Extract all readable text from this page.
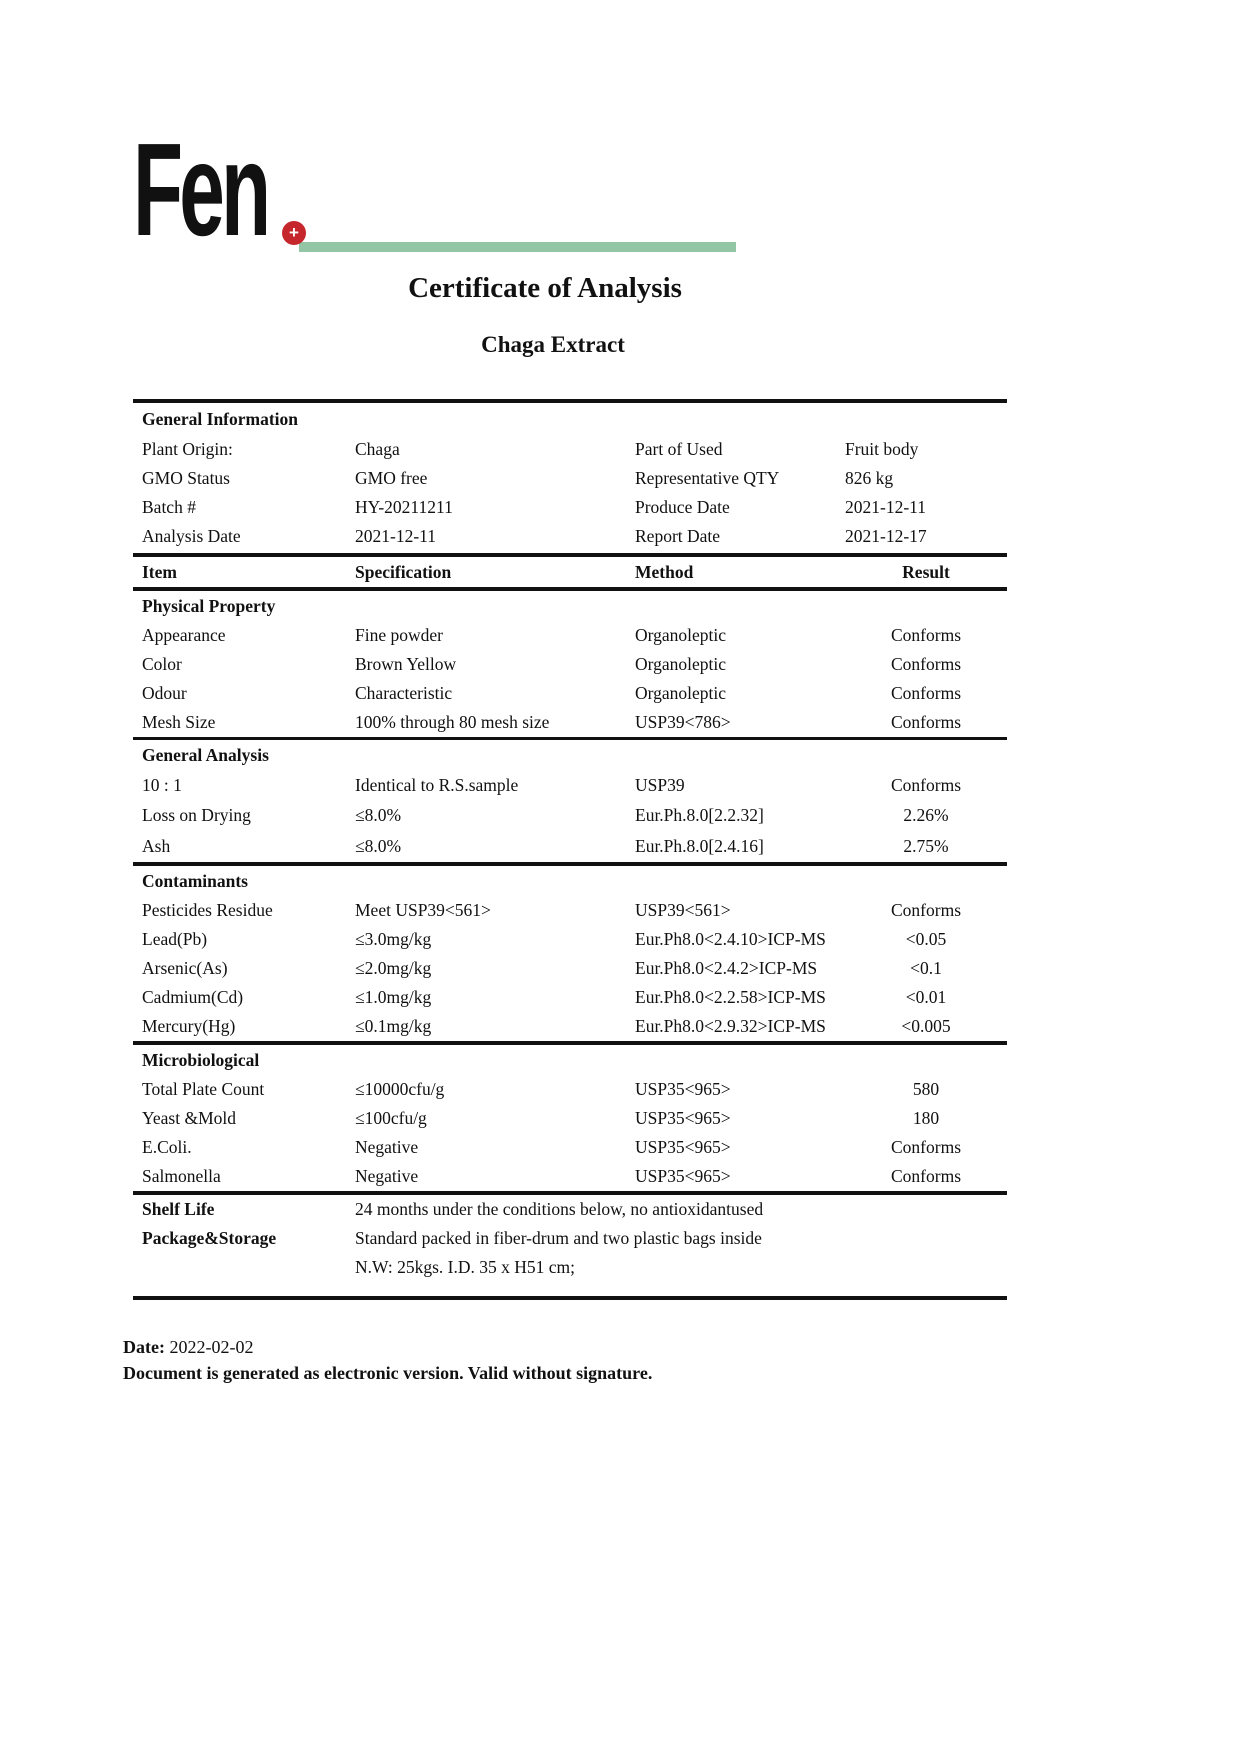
Fen +
Certificate of Analysis
Chaga Extract
General Information
Plant Origin:	Chaga	Part of Used	Fruit body
GMO Status	GMO free	Representative QTY	826 kg
Batch #	HY-20211211	Produce Date	2021-12-11
Analysis Date	2021-12-11	Report Date	2021-12-17
Item	Specification	Method	Result
Physical Property
Appearance	Fine powder	Organoleptic	Conforms
Color	Brown Yellow	Organoleptic	Conforms
Odour	Characteristic	Organoleptic	Conforms
Mesh Size	100% through 80 mesh size	USP39<786>	Conforms
General Analysis
10 : 1	Identical to R.S.sample	USP39	Conforms
Loss on Drying	≤8.0%	Eur.Ph.8.0[2.2.32]	2.26%
Ash	≤8.0%	Eur.Ph.8.0[2.4.16]	2.75%
Contaminants
Pesticides Residue	Meet USP39<561>	USP39<561>	Conforms
Lead(Pb)	≤3.0mg/kg	Eur.Ph8.0<2.4.10>ICP-MS	<0.05
Arsenic(As)	≤2.0mg/kg	Eur.Ph8.0<2.4.2>ICP-MS	<0.1
Cadmium(Cd)	≤1.0mg/kg	Eur.Ph8.0<2.2.58>ICP-MS	<0.01
Mercury(Hg)	≤0.1mg/kg	Eur.Ph8.0<2.9.32>ICP-MS	<0.005
Microbiological
Total Plate Count	≤10000cfu/g	USP35<965>	580
Yeast &Mold	≤100cfu/g	USP35<965>	180
E.Coli.	Negative	USP35<965>	Conforms
Salmonella	Negative	USP35<965>	Conforms
Shelf Life	24 months under the conditions below, no antioxidantused
Package&Storage	Standard packed in fiber-drum and two plastic bags inside
N.W: 25kgs. I.D. 35 x H51 cm;
Date: 2022-02-02
Document is generated as electronic version. Valid without signature.
